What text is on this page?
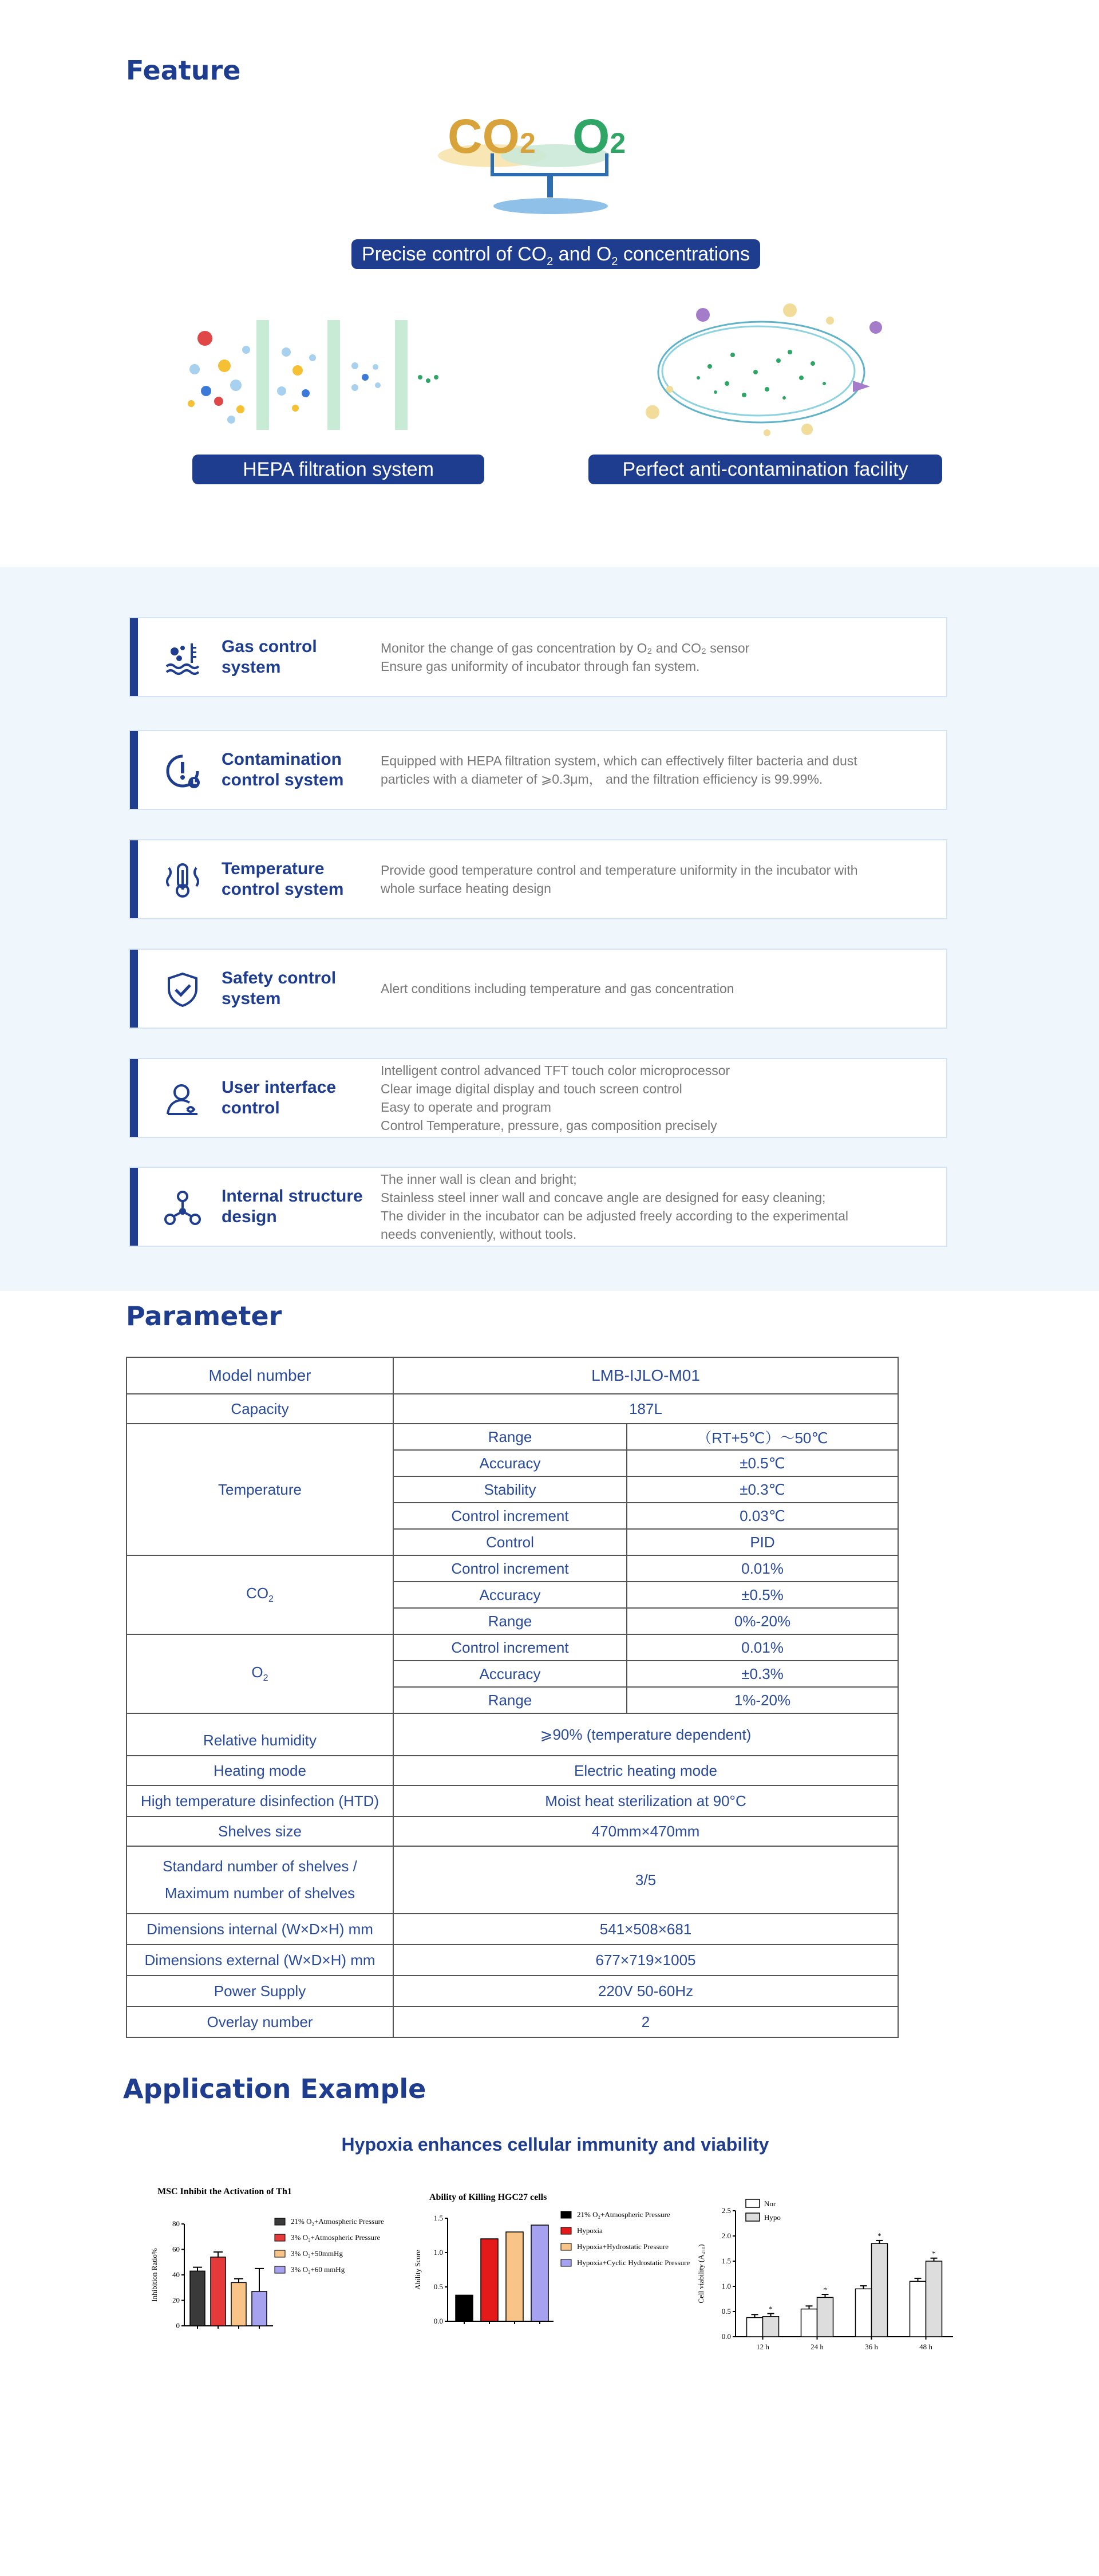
Feature
CO2 O2
Precise control of $CO_2$ and $O_2$ concentrations
HEPA filtration system	Perfect anti-contamination facility
Gas control system
Monitor the change of gas concentration by O₂ and CO₂ sensor
Ensure gas uniformity of incubator through fan system.
Contamination control system
Equipped with HEPA filtration system, which can effectively filter bacteria and dust
particles with a diameter of ⩾0.3μm， and the filtration efficiency is 99.99%.
Temperature control system
Provide good temperature control and temperature uniformity in the incubator with
whole surface heating design
Safety control system
Alert conditions including temperature and gas concentration
User interface control
Intelligent control advanced TFT touch color microprocessor
Clear image digital display and touch screen control
Easy to operate and program
Control Temperature, pressure, gas composition precisely
Internal structure design
The inner wall is clean and bright;
Stainless steel inner wall and concave angle are designed for easy cleaning;
The divider in the incubator can be adjusted freely according to the experimental
needs conveniently, without tools.
Parameter
Model number	LMB-IJLO-M01	
Capacity	187L	
Temperature	Range	（RT+5℃）～50℃
	Accuracy	±0.5℃
	Stability	±0.3℃
	Control increment	0.03℃
	Control	PID
$CO_2$	Control increment	0.01%
	Accuracy	±0.5%
	Range	0%-20%
$O_2$	Control increment	0.01%
	Accuracy	±0.3%
	Range	1%-20%
Relative humidity	⩾90% (temperature dependent)	
Heating mode	Electric heating mode	
High temperature disinfection (HTD)	Moist heat sterilization at 90°C	
Shelves size	470mm×470mm	

Standard number of shelves /
Maximum number of shelves	3/5	
Dimensions internal (W×D×H) mm	541×508×681	
Dimensions external (W×D×H) mm	677×719×1005	
Power Supply	220V 50-60Hz	
Overlay number	2	
Application Example
Hypoxia enhances cellular immunity and viability
MSC Inhibit the Activation of Th1
Inhibition Ratio%
0
20
40
60
80	21% O₂+Atmospheric Pressure
3% O₂+Atmospheric Pressure
3% O₂+50mmHg
3% O₂+60 mmHg
Ability of Killing HGC27 cells
Ability Score
0.0
0.5
1.0
1.5	21% O₂+Atmospheric Pressure
Hypoxia
Hypoxia+Hydrostatic Pressure
Hypoxia+Cyclic Hydrostatic Pressure Cell viability (A₄₅₀)
0.0
0.5
1.0
1.5
2.0
2.5
*
12 h
*
24 h
*
36 h
*
48 h
Nor
Hypo
